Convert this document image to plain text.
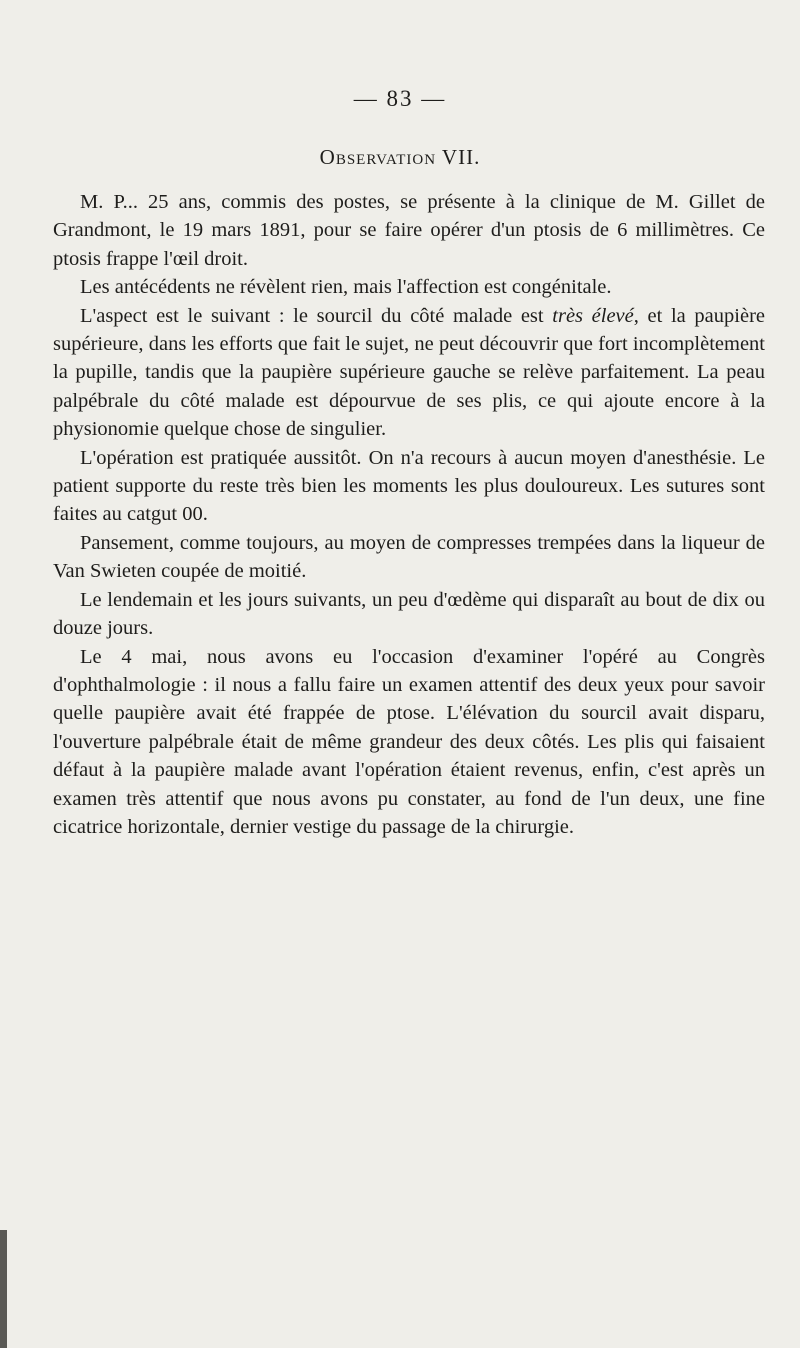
— 83 —
Observation VII.

M. P... 25 ans, commis des postes, se présente à la clinique de M. Gillet de Grandmont, le 19 mars 1891, pour se faire opérer d'un ptosis de 6 millimètres. Ce ptosis frappe l'œil droit.

Les antécédents ne révèlent rien, mais l'affection est congénitale.

L'aspect est le suivant : le sourcil du côté malade est très élevé, et la paupière supérieure, dans les efforts que fait le sujet, ne peut découvrir que fort incomplètement la pupille, tandis que la paupière supérieure gauche se relève parfaitement. La peau palpébrale du côté malade est dépourvue de ses plis, ce qui ajoute encore à la physionomie quelque chose de singulier.

L'opération est pratiquée aussitôt. On n'a recours à aucun moyen d'anesthésie. Le patient supporte du reste très bien les moments les plus douloureux. Les sutures sont faites au catgut 00.

Pansement, comme toujours, au moyen de compresses trempées dans la liqueur de Van Swieten coupée de moitié.

Le lendemain et les jours suivants, un peu d'œdème qui disparaît au bout de dix ou douze jours.

Le 4 mai, nous avons eu l'occasion d'examiner l'opéré au Congrès d'ophthalmologie : il nous a fallu faire un examen attentif des deux yeux pour savoir quelle paupière avait été frappée de ptose. L'élévation du sourcil avait disparu, l'ouverture palpébrale était de même grandeur des deux côtés. Les plis qui faisaient défaut à la paupière malade avant l'opération étaient revenus, enfin, c'est après un examen très attentif que nous avons pu constater, au fond de l'un deux, une fine cicatrice horizontale, dernier vestige du passage de la chirurgie.
